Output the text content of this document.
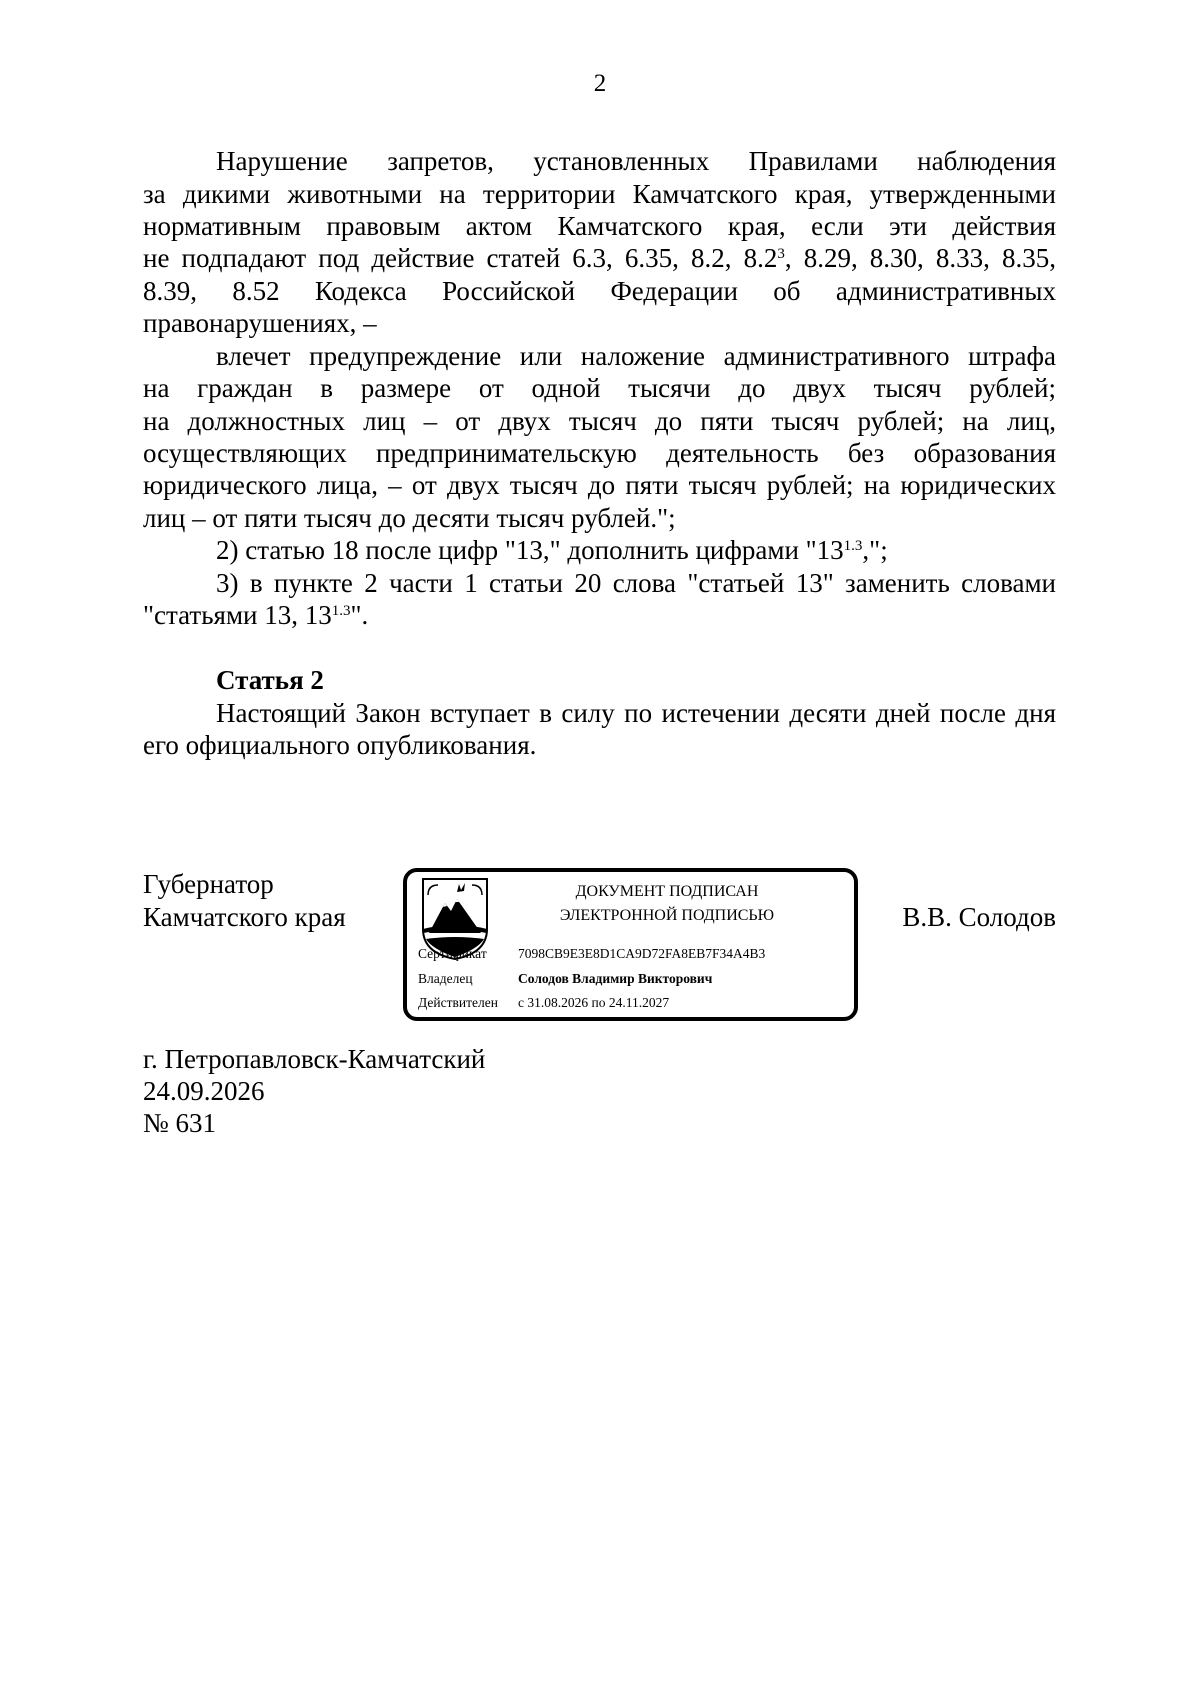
2
Нарушение запретов, установленных Правилами наблюдения
за дикими животными на территории Камчатского края, утвержденными
нормативным правовым актом Камчатского края, если эти действия
не подпадают под действие статей 6.3, 6.35, 8.2, $8.2^3$, 8.29, 8.30, 8.33, 8.35,
8.39, 8.52 Кодекса Российской Федерации об административных
правонарушениях, –
влечет предупреждение или наложение административного штрафа
на граждан в размере от одной тысячи до двух тысяч рублей;
на должностных лиц – от двух тысяч до пяти тысяч рублей; на лиц,
осуществляющих предпринимательскую деятельность без образования
юридического лица, – от двух тысяч до пяти тысяч рублей; на юридических
лиц – от пяти тысяч до десяти тысяч рублей.";
2) статью 18 после цифр "13," дополнить цифрами "$13^{1.3}$,";
3) в пункте 2 части 1 статьи 20 слова "статьей 13" заменить словами
"статьями 13, $13^{1.3}$".
Статья 2
Настоящий Закон вступает в силу по истечении десяти дней после дня
его официального опубликования.
Губернатор
Камчатского края	В.В. Солодов
ДОКУМЕНТ ПОДПИСАН
ЭЛЕКТРОННОЙ ПОДПИСЬЮ
Сертификат 7098CB9E3E8D1CA9D72FA8EB7F34A4B3
Владелец	Солодов Владимир Викторович
Действителен с 31.08.2026 по 24.11.2027
г. Петропавловск-Камчатский
24.09.2026
№ 631
